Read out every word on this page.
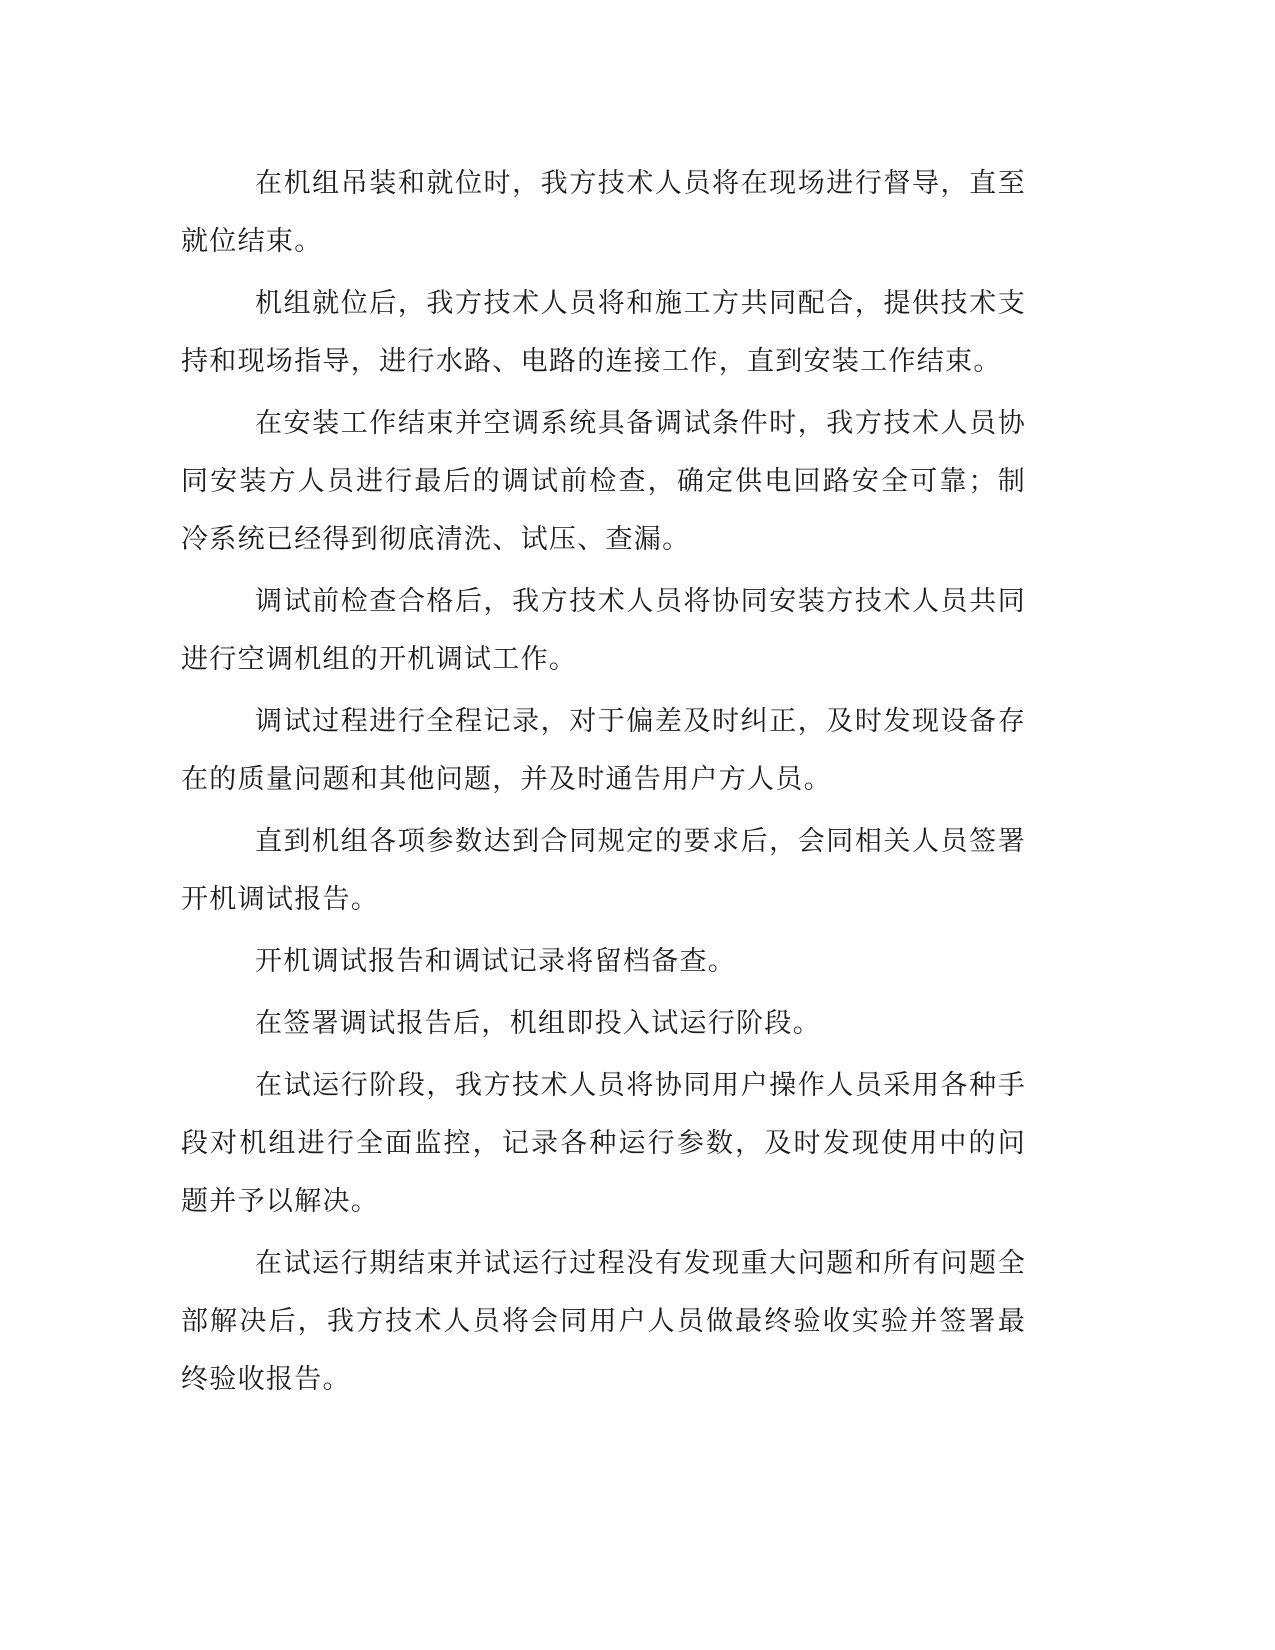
在机组吊装和就位时，我方技术人员将在现场进行督导，直至就位结束。

机组就位后，我方技术人员将和施工方共同配合，提供技术支持和现场指导，进行水路、电路的连接工作，直到安装工作结束。

在安装工作结束并空调系统具备调试条件时，我方技术人员协同安装方人员进行最后的调试前检查，确定供电回路安全可靠；制冷系统已经得到彻底清洗、试压、查漏。

调试前检查合格后，我方技术人员将协同安装方技术人员共同进行空调机组的开机调试工作。

调试过程进行全程记录，对于偏差及时纠正，及时发现设备存在的质量问题和其他问题，并及时通告用户方人员。

直到机组各项参数达到合同规定的要求后，会同相关人员签署开机调试报告。

开机调试报告和调试记录将留档备查。

在签署调试报告后，机组即投入试运行阶段。

在试运行阶段，我方技术人员将协同用户操作人员采用各种手段对机组进行全面监控，记录各种运行参数，及时发现使用中的问题并予以解决。

在试运行期结束并试运行过程没有发现重大问题和所有问题全部解决后，我方技术人员将会同用户人员做最终验收实验并签署最终验收报告。
